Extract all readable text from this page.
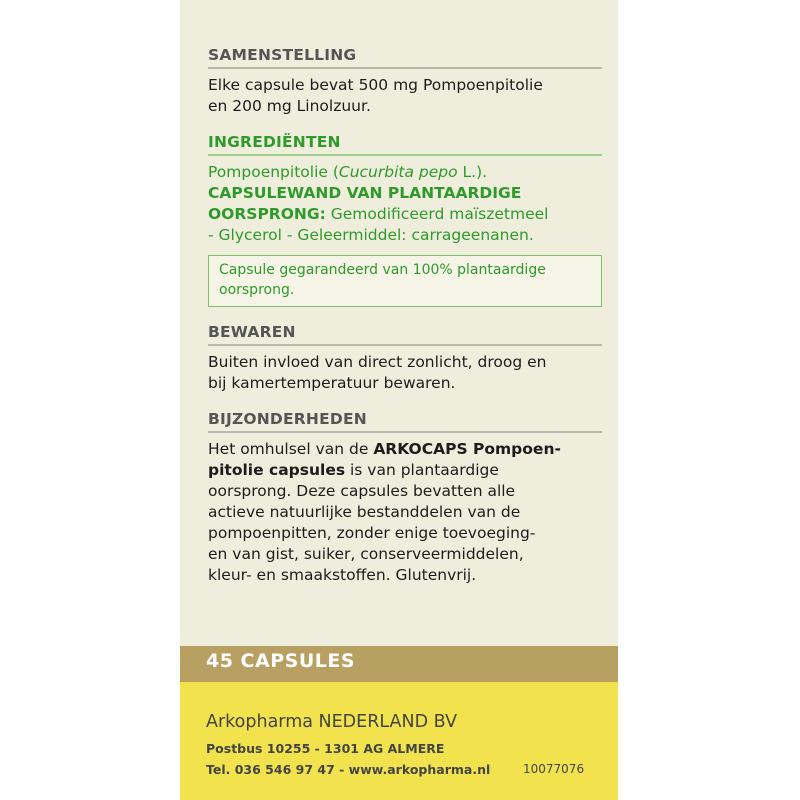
SAMENSTELLING

Elke capsule bevat 500 mg Pompoenpitolie

en 200 mg Linolzuur.

INGREDIËNTEN

Pompoenpitolie (Cucurbita pepo L.).

CAPSULEWAND VAN PLANTAARDIGE

OORSPRONG: Gemodificeerd maïszetmeel

- Glycerol - Geleermiddel: carrageenanen.

Capsule gegarandeerd van 100% plantaardige
oorsprong.
BEWAREN

Buiten invloed van direct zonlicht, droog en

bij kamertemperatuur bewaren.

BIJZONDERHEDEN

Het omhulsel van de ARKOCAPS Pompoen-

pitolie capsules is van plantaardige

oorsprong. Deze capsules bevatten alle

actieve natuurlijke bestanddelen van de

pompoenpitten, zonder enige toevoeging-

en van gist, suiker, conserveermiddelen,

kleur- en smaakstoffen. Glutenvrij.

45 CAPSULES
Arkopharma NEDERLAND BV
Postbus 10255 - 1301 AG ALMERE
Tel. 036 546 97 47 - www.arkopharma.nl	10077076
